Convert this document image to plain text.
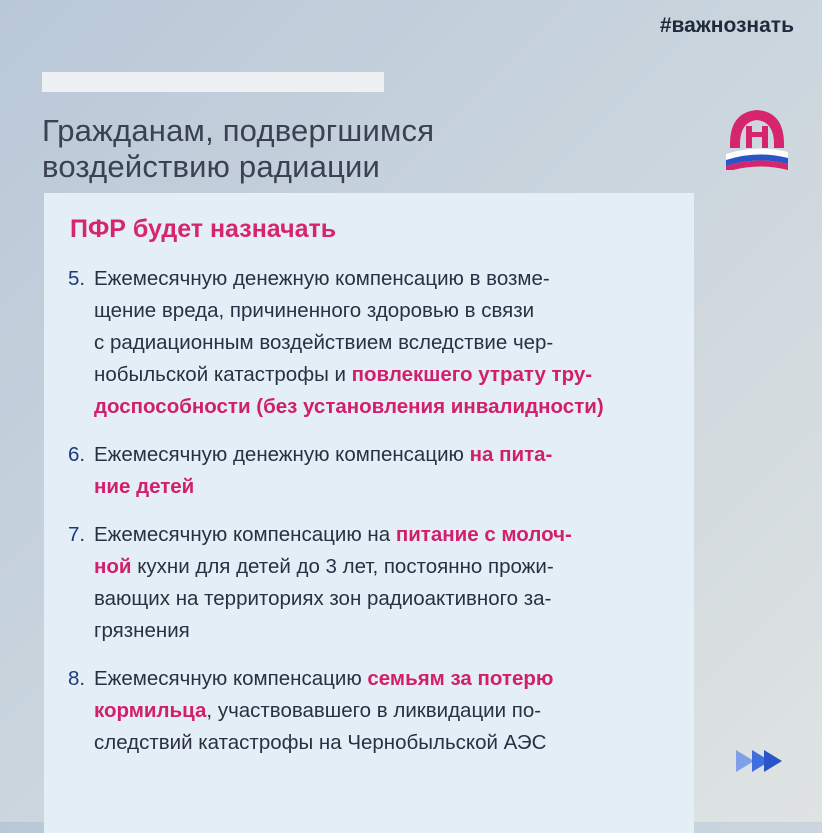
#важнознать
Гражданам, подвергшимся
воздействию радиации
ПФР будет назначать
5. Ежемесячную денежную компенсацию в возме-
щение вреда, причиненного здоровью в связи
с радиационным воздействием вследствие чер-
нобыльской катастрофы и повлекшего утрату тру-
доспособности (без установления инвалидности)
6. Ежемесячную денежную компенсацию на пита-
ние детей
7. Ежемесячную компенсацию на питание с молоч-
ной кухни для детей до 3 лет, постоянно прожи-
вающих на территориях зон радиоактивного за-
грязнения
8. Ежемесячную компенсацию семьям за потерю
кормильца, участвовавшего в ликвидации по-
следствий катастрофы на Чернобыльской АЭС
